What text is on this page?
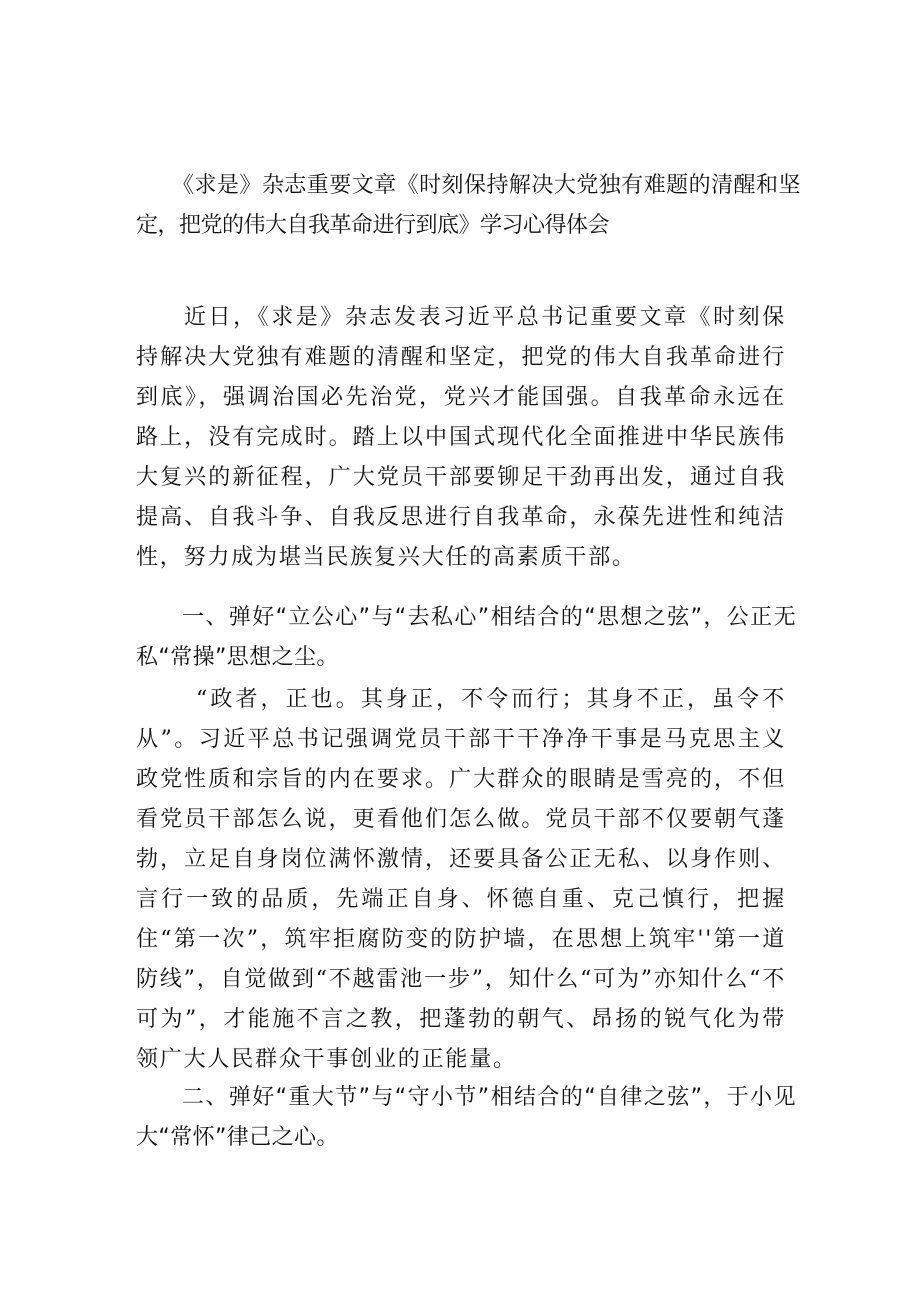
《求是》杂志重要文章《时刻保持解决大党独有难题的清醒和坚定，把党的伟大自我革命进行到底》学习心得体会

近日，《求是》杂志发表习近平总书记重要文章《时刻保持解决大党独有难题的清醒和坚定，把党的伟大自我革命进行到底》，强调治国必先治党，党兴才能国强。自我革命永远在路上，没有完成时。踏上以中国式现代化全面推进中华民族伟大复兴的新征程，广大党员干部要铆足干劲再出发，通过自我提高、自我斗争、自我反思进行自我革命，永葆先进性和纯洁性，努力成为堪当民族复兴大任的高素质干部。

一、弹好“立公心”与“去私心”相结合的“思想之弦”，公正无私“常操”思想之尘。

“政者，正也。其身正，不令而行；其身不正，虽令不从”。习近平总书记强调党员干部干干净净干事是马克思主义政党性质和宗旨的内在要求。广大群众的眼睛是雪亮的，不但看党员干部怎么说，更看他们怎么做。党员干部不仅要朝气蓬勃，立足自身岗位满怀激情，还要具备公正无私、以身作则、言行一致的品质，先端正自身、怀德自重、克己慎行，把握住“第一次”，筑牢拒腐防变的防护墙，在思想上筑牢''第一道防线”，自觉做到“不越雷池一步”，知什么“可为”亦知什么“不可为”，才能施不言之教，把蓬勃的朝气、昂扬的锐气化为带领广大人民群众干事创业的正能量。

二、弹好“重大节”与“守小节”相结合的“自律之弦”，于小见大“常怀”律己之心。
